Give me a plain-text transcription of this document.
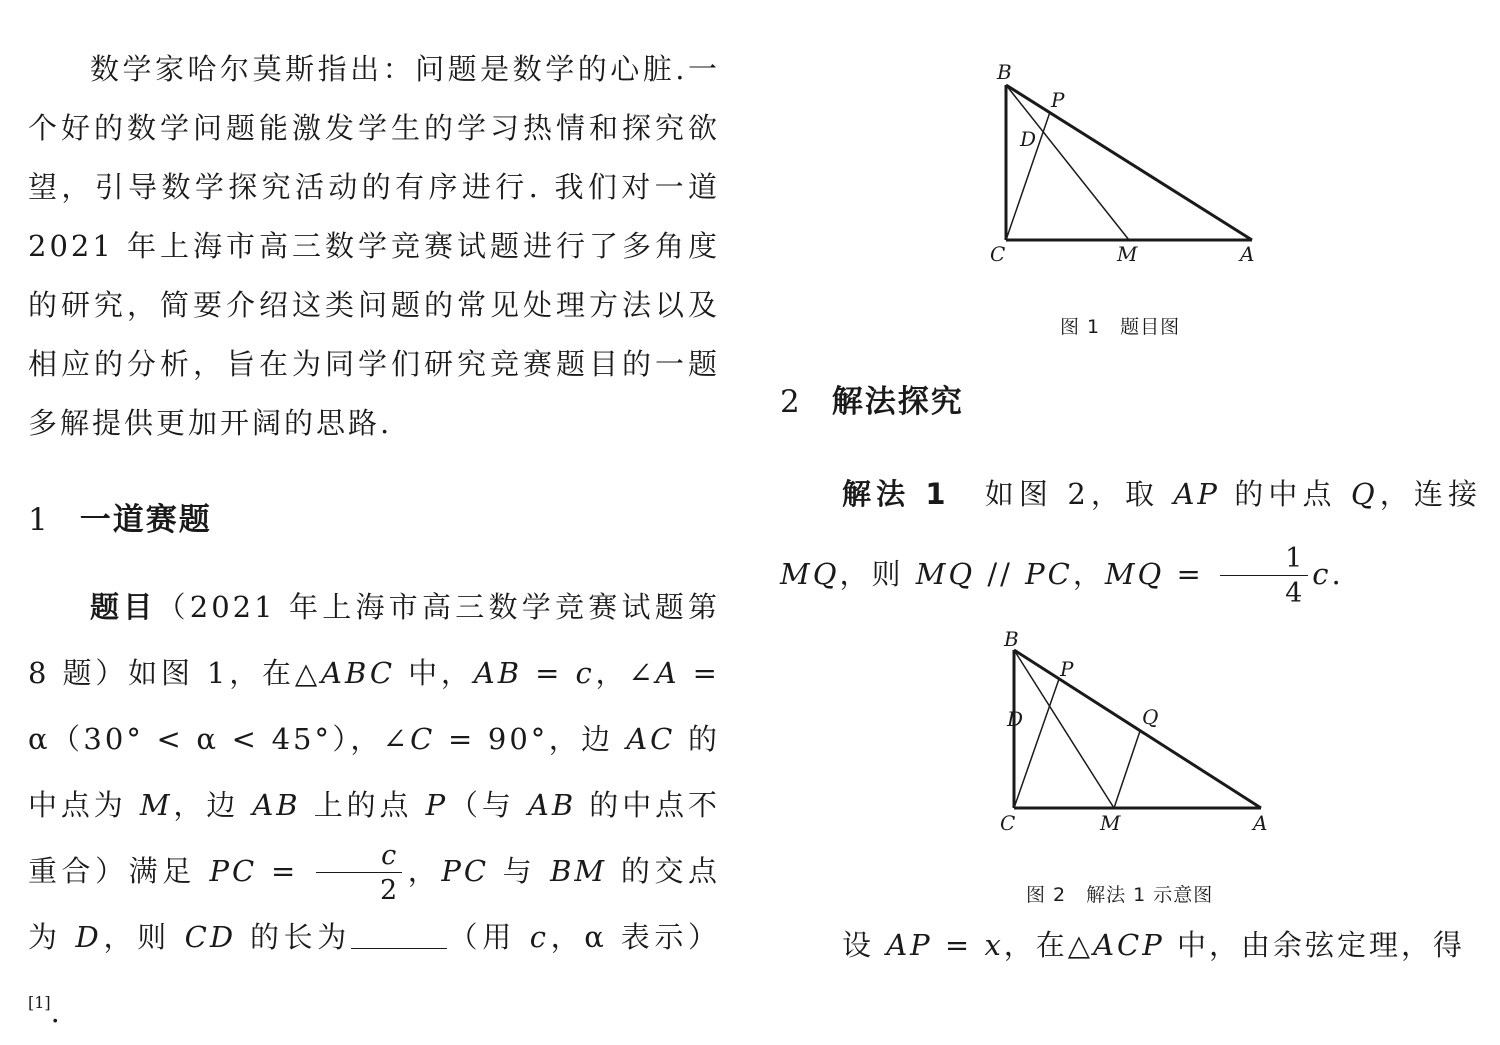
数学家哈尔莫斯指出：问题是数学的心脏.一个好的数学问题能激发学生的学习热情和探究欲望，引导数学探究活动的有序进行. 我们对一道 2021 年上海市高三数学竞赛试题进行了多角度的研究，简要介绍这类问题的常见处理方法以及相应的分析，旨在为同学们研究竞赛题目的一题多解提供更加开阔的思路.

1 一道赛题

题目（2021 年上海市高三数学竞赛试题第 8 题）如图 1，在△ABC 中，AB = c，∠A = α（30° < α < 45°），∠C = 90°，边 AC 的中点为 M，边 AB 上的点 P（与 AB 的中点不重合）满足 PC = $\frac{c}{2}$ ，PC 与 BM 的交点为 D，则 CD 的长为	（用 c，α 表示）[1].

B
P
D
C	M	A
图 1　题目图
2 解法探究

解法 1　如图 2，取 AP 的中点 Q，连接 MQ，则 MQ // PC，MQ = $\frac{1}{4} c$.

B
P
D	Q
C	M	A
图 2　解法 1 示意图

设 AP = x，在△ACP 中，由余弦定理，得
